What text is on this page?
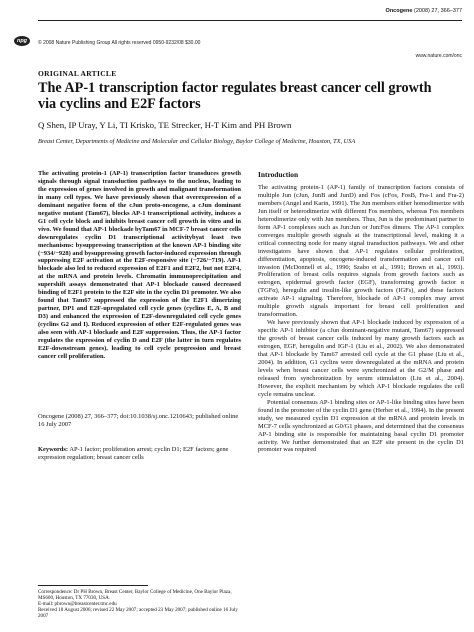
npg
Oncogene (2008) 27, 366–377
© 2008 Nature Publishing Group All rights reserved 0950-9232/08 $30.00
www.nature.com/onc
ORIGINAL ARTICLE
The AP-1 transcription factor regulates breast cancer cell growth
via cyclins and E2F factors
Q Shen, IP Uray, Y Li, TI Krisko, TE Strecker, H-T Kim and PH Brown
Breast Center, Departments of Medicine and Molecular and Cellular Biology, Baylor College of Medicine, Houston, TX, USA

The activating protein-1 (AP-1) transcription factor transduces growth signals through signal transduction pathways to the nucleus, leading to the expression of genes involved in growth and malignant transformation in many cell types. We have previously shown that overexpression of a dominant negative form of the cJun proto-oncogene, a cJun dominant negative mutant (Tam67), blocks AP-1 transcriptional activity, induces a G1 cell cycle block and inhibits breast cancer cell growth in vitro and in vivo. We found that AP-1 blockade byTam67 in MCF-7 breast cancer cells downregulates cyclin D1 transcriptional activitybyat least two mechanisms: bysuppressing transcription at the known AP-1 binding site (−934/−928) and bysuppressing growth factor-induced expression through suppressing E2F activation at the E2F-responsive site (−726/−719). AP-1 blockade also led to reduced expression of E2F1 and E2F2, but not E2F4, at the mRNA and protein levels. Chromatin immunoprecipitation and supershift assays demonstrated that AP-1 blockade caused decreased binding of E2F1 protein to the E2F site in the cyclin D1 promoter. We also found that Tam67 suppressed the expression of the E2F1 dimerizing partner, DP1 and E2F-upregulated cell cycle genes (cyclins E, A, B and D3) and enhanced the expression of E2F-downregulated cell cycle genes (cyclins G2 and I). Reduced expression of other E2F-regulated genes was also seen with AP-1 blockade and E2F suppression. Thus, the AP-1 factor regulates the expression of cyclin D and E2F (the latter in turn regulates E2F-downstream genes), leading to cell cycle progression and breast cancer cell proliferation.

Oncogene (2008) 27, 366–377; doi:10.1038/sj.onc.1210643; published online 16 July 2007

Keywords: AP-1 factor; proliferation arrest; cyclin D1; E2F factors; gene expression regulation; breast cancer cells

Correspondence: Dr PH Brown, Breast Center, Baylor College of Medicine, One Baylor Plaza, MS600, Houston, TX 77030, USA.
E-mail: pbrown@breastcenter.tmc.edu
Received 18 August 2006; revised 22 May 2007; accepted 23 May 2007; published online 16 July 2007
Introduction

The activating protein-1 (AP-1) family of transcription factors consists of multiple Jun (cJun, JunB and JunD) and Fos (cFos, FosB, Fra-1 and Fra-2) members (Angel and Karin, 1991). The Jun members either homodimerize with Jun itself or heterodimerize with different Fos members, whereas Fos members heterodimerize only with Jun members. Thus, Jun is the predominant partner to form AP-1 complexes such as Jun:Jun or Jun:Fos dimers. The AP-1 complex converges multiple growth signals at the transcriptional level, making it a critical connecting node for many signal transduction pathways. We and other investigators have shown that AP-1 regulates cellular proliferation, differentiation, apoptosis, oncogene-induced transformation and cancer cell invasion (McDonnell et al., 1990; Szabo et al., 1991; Brown et al., 1993). Proliferation of breast cells requires signals from growth factors such as estrogen, epidermal growth factor (EGF), transforming growth factor α (TGFα), heregulin and insulin-like growth factors (IGFs), and these factors activate AP-1 signaling. Therefore, blockade of AP-1 complex may arrest multiple growth signals important for breast cell proliferation and transformation.

We have previously shown that AP-1 blockade induced by expression of a specific AP-1 inhibitor (a cJun dominant-negative mutant, Tam67) suppressed the growth of breast cancer cells induced by many growth factors such as estrogen, EGF, heregulin and IGF-1 (Liu et al., 2002). We also demonstrated that AP-1 blockade by Tam67 arrested cell cycle at the G1 phase (Liu et al., 2004). In addition, G1 cyclins were downregulated at the mRNA and protein levels when breast cancer cells were synchronized at the G2/M phase and released from synchronization by serum stimulation (Liu et al., 2004). However, the explicit mechanism by which AP-1 blockade regulates the cell cycle remains unclear.

Potential consensus AP-1 binding sites or AP-1-like binding sites have been found in the promoter of the cyclin D1 gene (Herber et al., 1994). In the present study, we measured cyclin D1 expression at the mRNA and protein levels in MCF-7 cells synchronized at G0/G1 phases, and determined that the consensus AP-1 binding site is responsible for maintaining basal cyclin D1 promoter activity. We further demonstrated that an E2F site present in the cyclin D1 promoter was required
